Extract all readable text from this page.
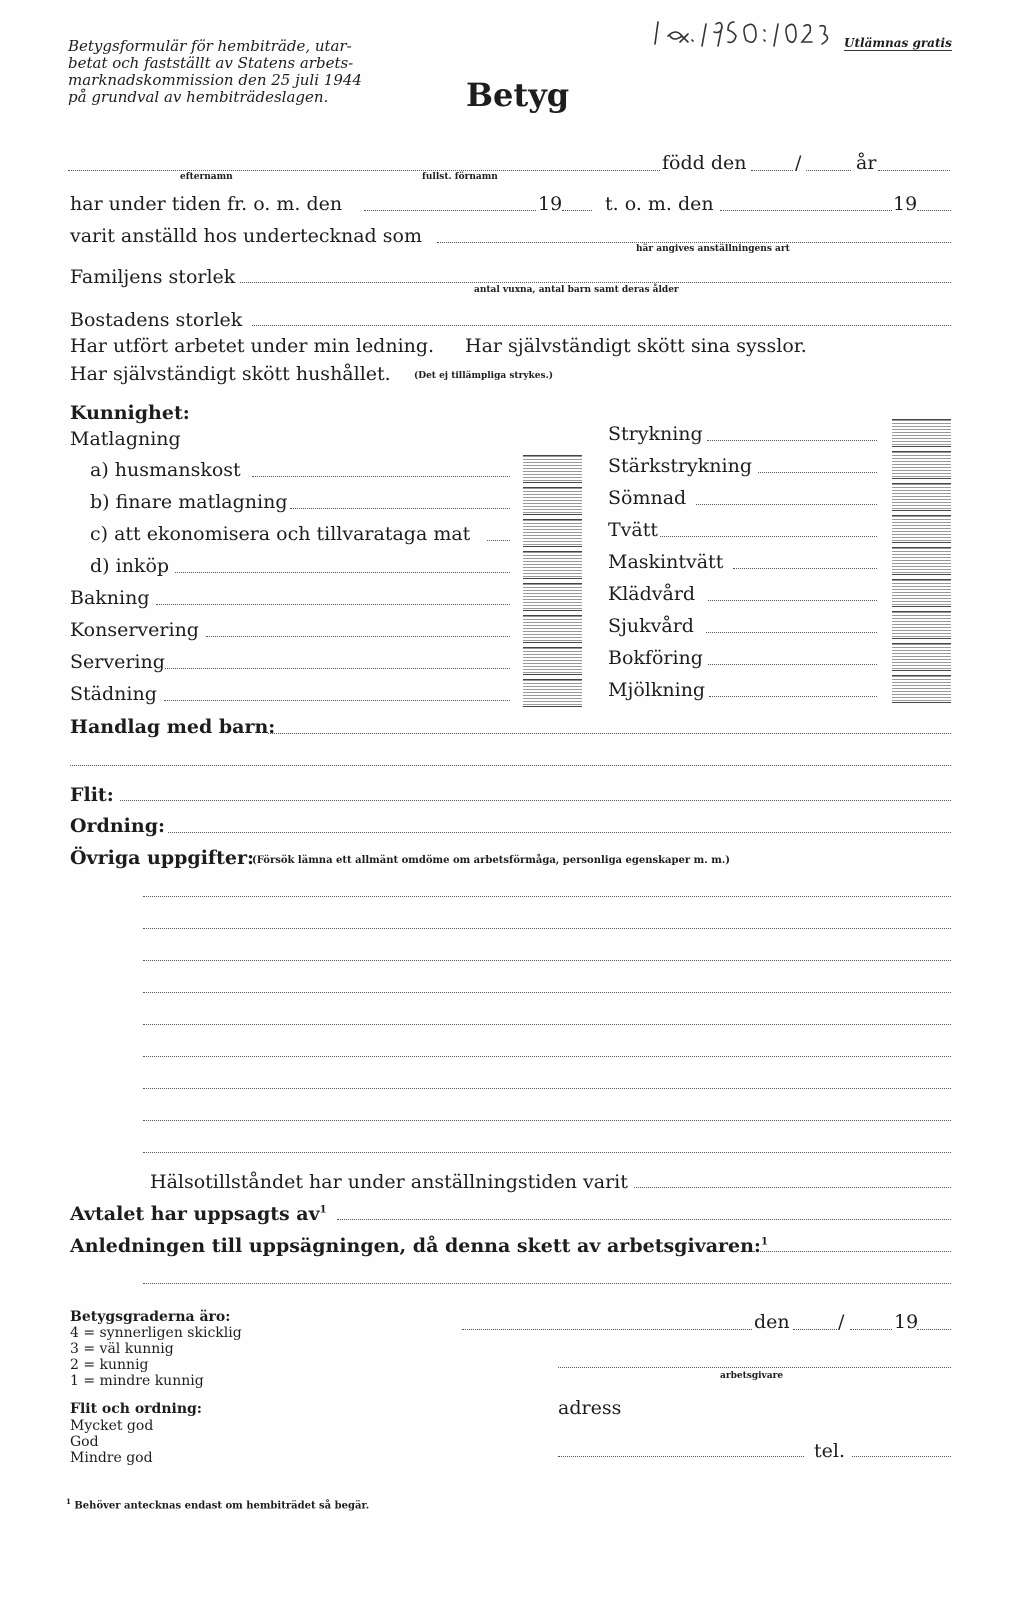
Betygsformulär för hembiträde, utar-
betat och fastställt av Statens arbets-
marknadskommission den 25 juli 1944
på grundval av hembiträdeslagen.	Betyg
Utlämnas gratis
efternamn	fullst. förnamn
född den	/	år
har under tiden fr. o. m. den	19 t. o. m. den	19
varit anställd hos undertecknad som
här angives anställningens art
Familjens storlek
antal vuxna, antal barn samt deras ålder
Bostadens storlek
Har utfört arbetet under min ledning. Har självständigt skött sina sysslor.
Har självständigt skött hushållet.	(Det ej tillämpliga strykes.)
Kunnighet:
Matlagning
a) husmanskost
b) finare matlagning
c) att ekonomisera och tillvaratagа mat
d) inköp
Bakning
Konservering
Servering
Städning
Strykning
Stärkstrykning
Sömnad
Tvätt
Maskintvätt
Klädvård
Sjukvård
Bokföring
Mjölkning
Handlag med barn:
Flit:
Ordning:
Övriga uppgifter:
(Försök lämna ett allmänt omdöme om arbetsförmåga, personliga egenskaper m. m.)
Hälsotillståndet har under anställningstiden varit
Avtalet har uppsagts $av^1$
Anledningen till uppsägningen, då denna skett av arbetsgivaren:$^1$
Betygsgraderna äro:
4 = synnerligen skicklig
3 = väl kunnig
2 = kunnig
1 = mindre kunnig
Flit och ordning:
Mycket god
God
Mindre god
den	/	19
arbetsgivare
adress
tel.
$^1$ Behöver antecknas endast om hembiträdet så begär.
